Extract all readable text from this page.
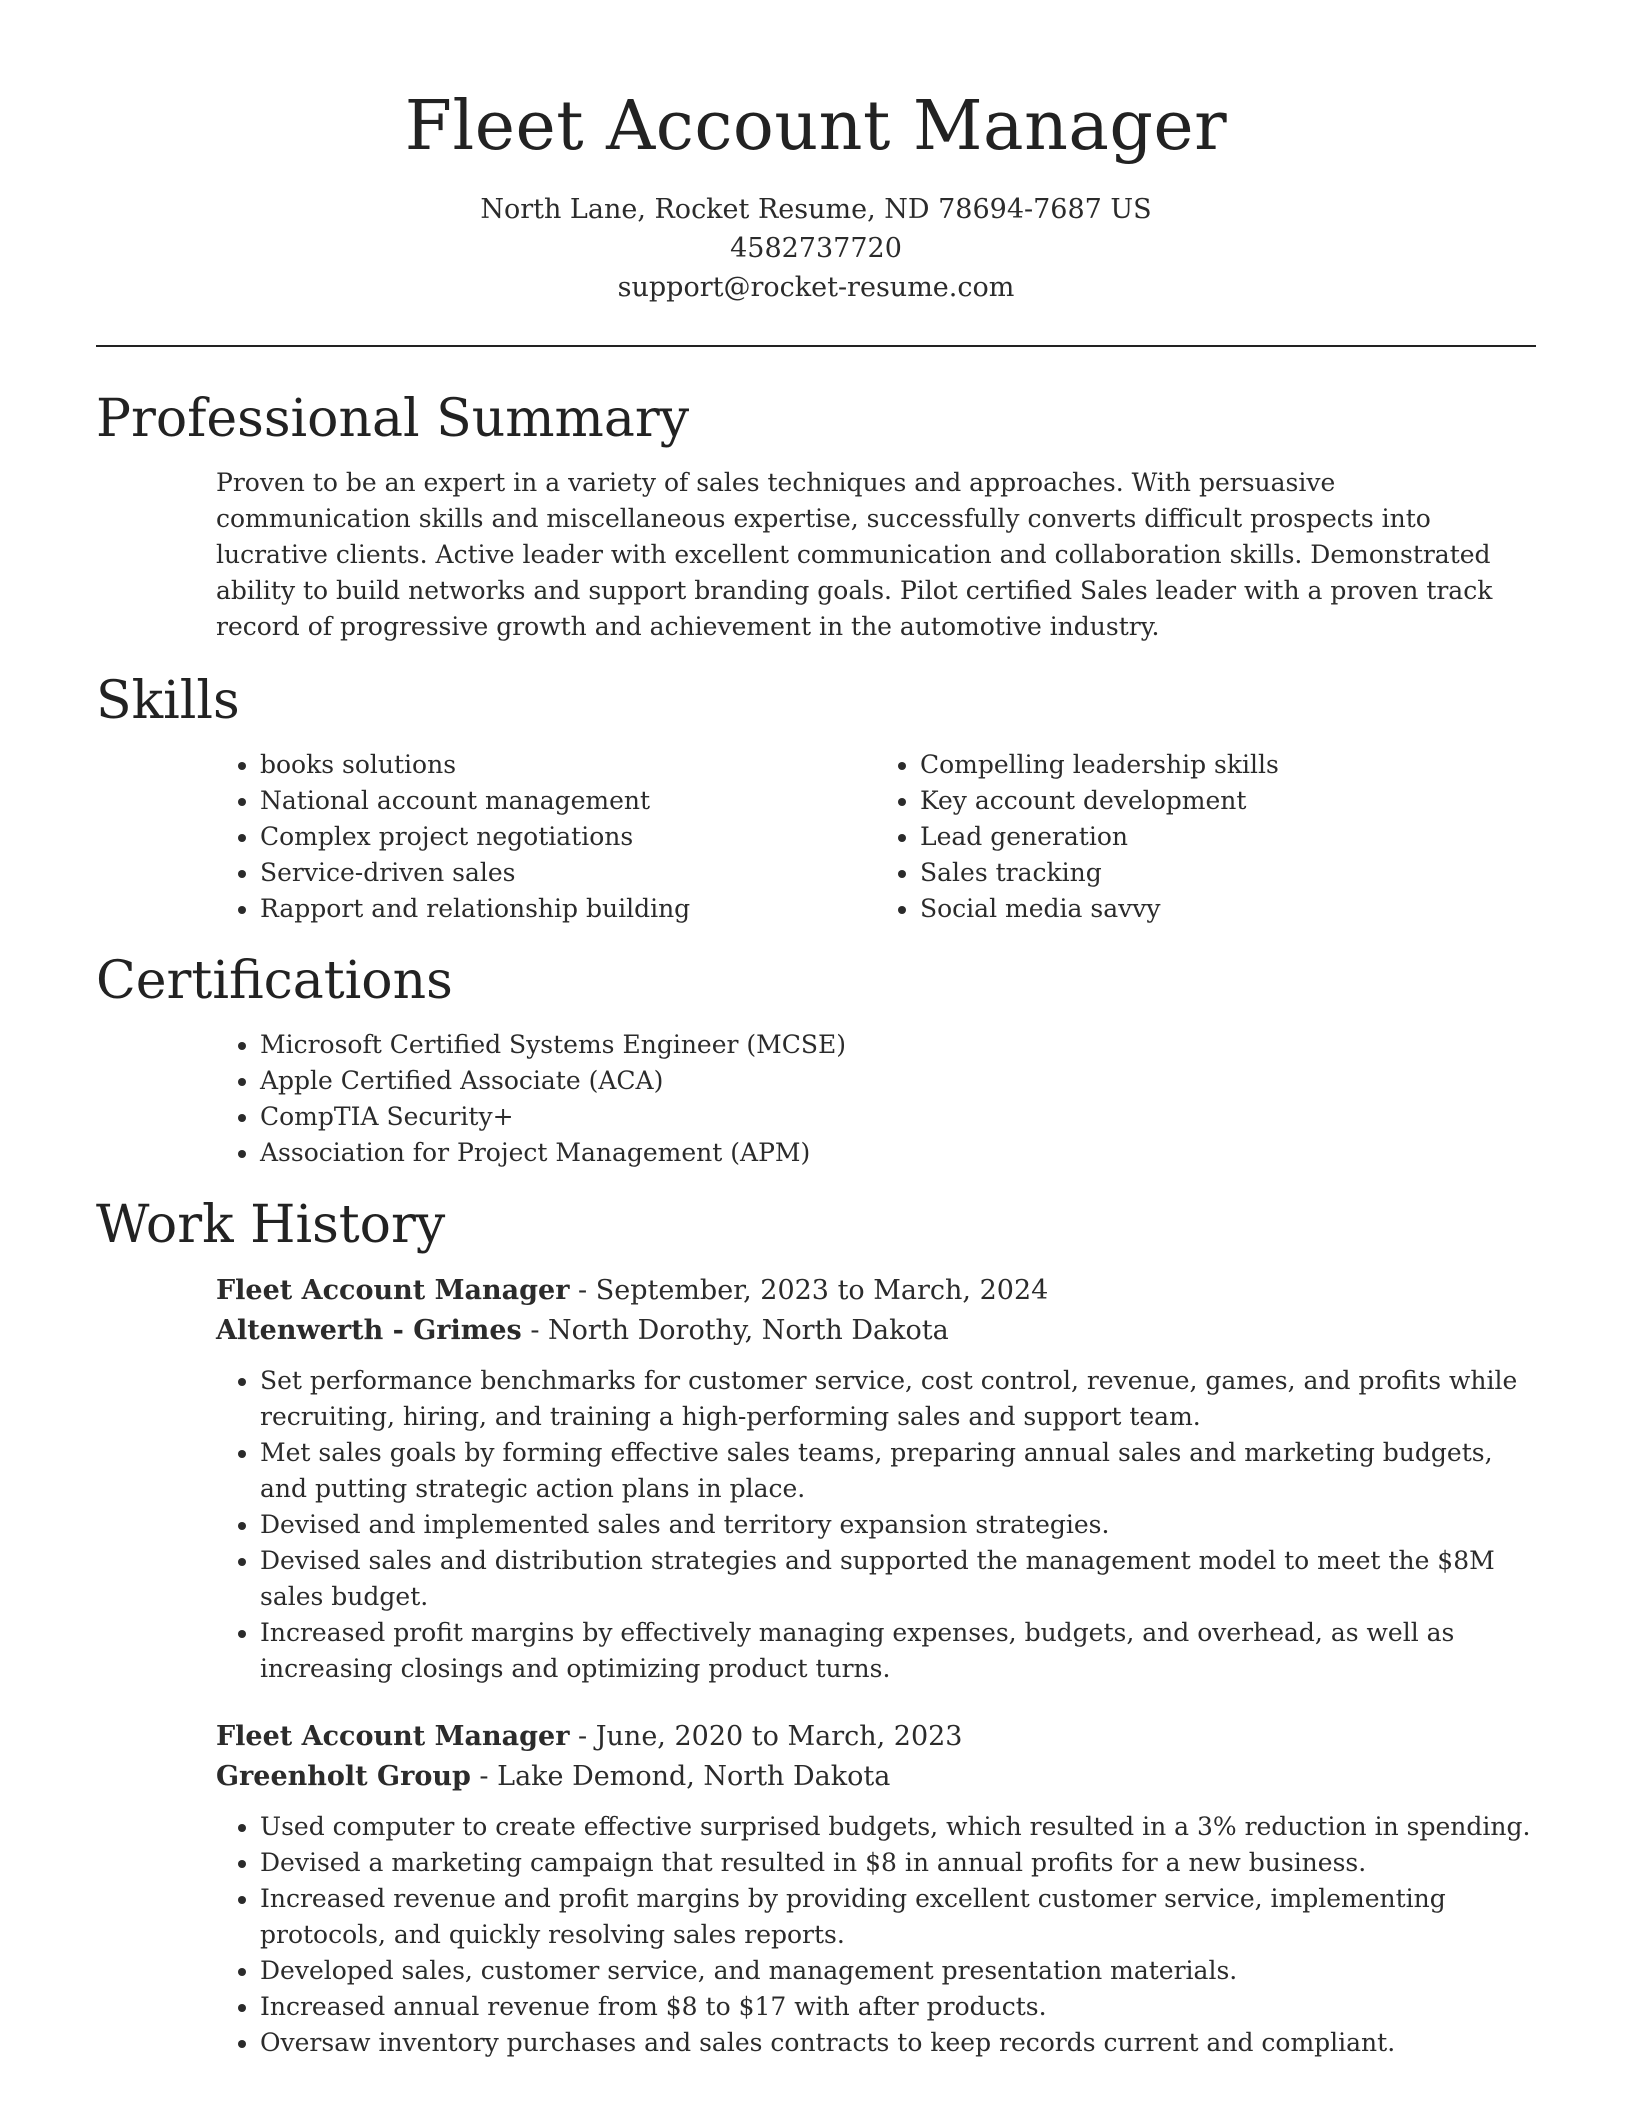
Fleet Account Manager
North Lane, Rocket Resume, ND 78694-7687 US
4582737720
support@rocket-resume.com
Professional Summary

Proven to be an expert in a variety of sales techniques and approaches. With persuasive communication skills and miscellaneous expertise, successfully converts difficult prospects into lucrative clients. Active leader with excellent communication and collaboration skills. Demonstrated ability to build networks and support branding goals. Pilot certified Sales leader with a proven track record of progressive growth and achievement in the automotive industry.

Skills
• books solutions
• National account management
• Complex project negotiations
• Service-driven sales
• Rapport and relationship building
• Compelling leadership skills
• Key account development
• Lead generation
• Sales tracking
• Social media savvy
Certifications
• Microsoft Certified Systems Engineer (MCSE)
• Apple Certified Associate (ACA)
• CompTIA Security+
• Association for Project Management (APM)
Work History
Fleet Account Manager - September, 2023 to March, 2024
Altenwerth - Grimes - North Dorothy, North Dakota
• Set performance benchmarks for customer service, cost control, revenue, games, and profits while recruiting, hiring, and training a high-performing sales and support team.
• Met sales goals by forming effective sales teams, preparing annual sales and marketing budgets, and putting strategic action plans in place.
• Devised and implemented sales and territory expansion strategies.
• Devised sales and distribution strategies and supported the management model to meet the $8M sales budget.
• Increased profit margins by effectively managing expenses, budgets, and overhead, as well as increasing closings and optimizing product turns.
Fleet Account Manager - June, 2020 to March, 2023
Greenholt Group - Lake Demond, North Dakota
• Used computer to create effective surprised budgets, which resulted in a 3% reduction in spending.
• Devised a marketing campaign that resulted in $8 in annual profits for a new business.
• Increased revenue and profit margins by providing excellent customer service, implementing protocols, and quickly resolving sales reports.
• Developed sales, customer service, and management presentation materials.
• Increased annual revenue from $8 to $17 with after products.
• Oversaw inventory purchases and sales contracts to keep records current and compliant.
